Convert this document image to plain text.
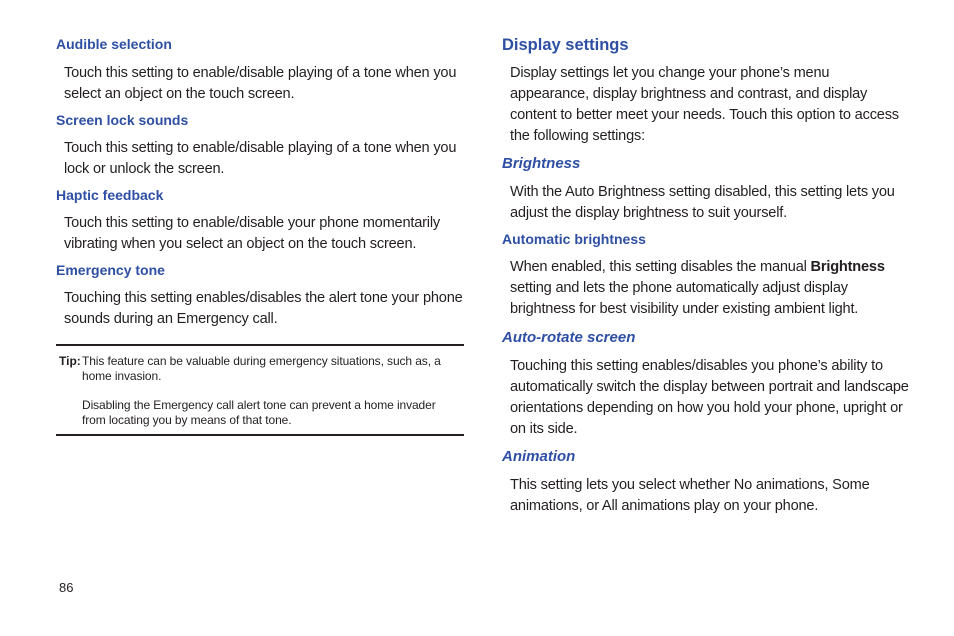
Audible selection

Touch this setting to enable/disable playing of a tone when you select an object on the touch screen.

Screen lock sounds

Touch this setting to enable/disable playing of a tone when you lock or unlock the screen.

Haptic feedback

Touch this setting to enable/disable your phone momentarily vibrating when you select an object on the touch screen.

Emergency tone

Touching this setting enables/disables the alert tone your phone sounds during an Emergency call.

Tip: This feature can be valuable during emergency situations, such as, a home invasion.

Disabling the Emergency call alert tone can prevent a home invader from locating you by means of that tone.

Display settings

Display settings let you change your phone’s menu appearance, display brightness and contrast, and display content to better meet your needs. Touch this option to access the following settings:

Brightness

With the Auto Brightness setting disabled, this setting lets you adjust the display brightness to suit yourself.

Automatic brightness

When enabled, this setting disables the manual Brightness setting and lets the phone automatically adjust display brightness for best visibility under existing ambient light.

Auto-rotate screen

Touching this setting enables/disables you phone’s ability to automatically switch the display between portrait and landscape orientations depending on how you hold your phone, upright or on its side.

Animation

This setting lets you select whether No animations, Some animations, or All animations play on your phone.

86
